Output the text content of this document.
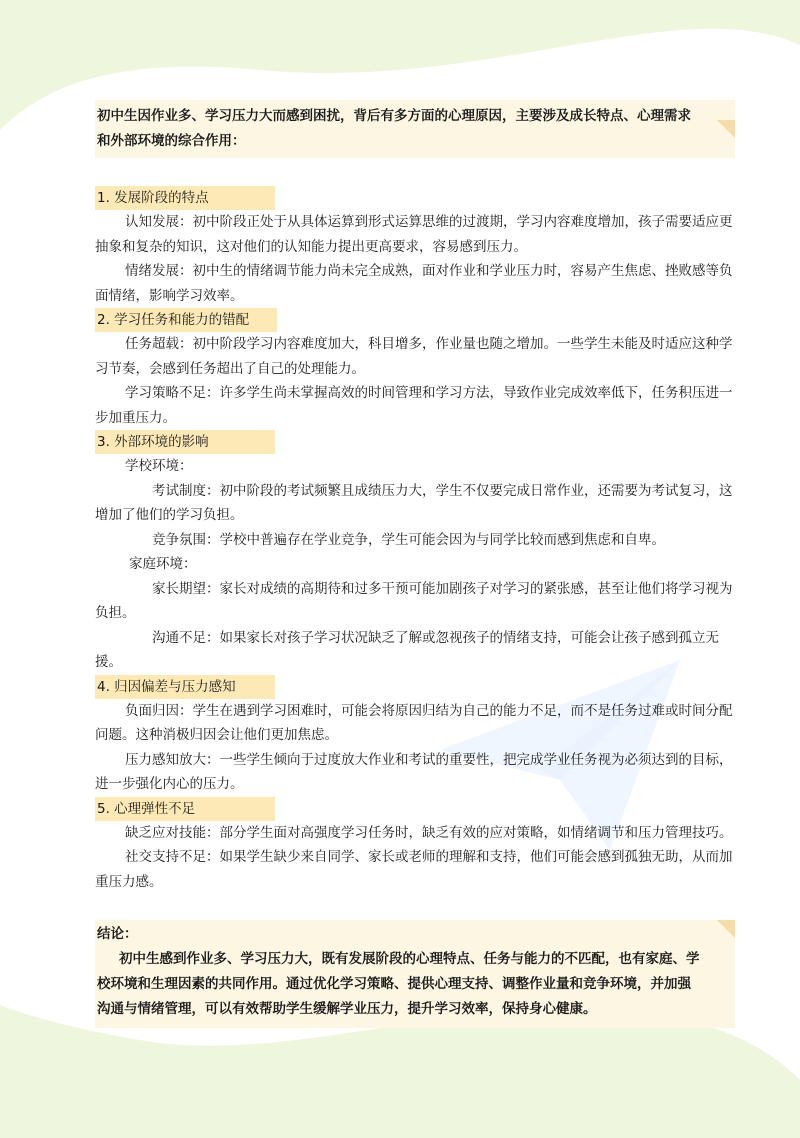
初中生因作业多、学习压力大而感到困扰，背后有多方面的心理原因，主要涉及成长特点、心理需求和外部环境的综合作用：
1. 发展阶段的特点

认知发展：初中阶段正处于从具体运算到形式运算思维的过渡期，学习内容难度增加，孩子需要适应更抽象和复杂的知识，这对他们的认知能力提出更高要求，容易感到压力。

情绪发展：初中生的情绪调节能力尚未完全成熟，面对作业和学业压力时，容易产生焦虑、挫败感等负面情绪，影响学习效率。

2. 学习任务和能力的错配

任务超载：初中阶段学习内容难度加大，科目增多，作业量也随之增加。一些学生未能及时适应这种学习节奏，会感到任务超出了自己的处理能力。

学习策略不足：许多学生尚未掌握高效的时间管理和学习方法，导致作业完成效率低下，任务积压进一步加重压力。

3. 外部环境的影响

学校环境：

考试制度：初中阶段的考试频繁且成绩压力大，学生不仅要完成日常作业，还需要为考试复习，这增加了他们的学习负担。

竞争氛围：学校中普遍存在学业竞争，学生可能会因为与同学比较而感到焦虑和自卑。

家庭环境：

家长期望：家长对成绩的高期待和过多干预可能加剧孩子对学习的紧张感，甚至让他们将学习视为负担。

沟通不足：如果家长对孩子学习状况缺乏了解或忽视孩子的情绪支持，可能会让孩子感到孤立无援。

4. 归因偏差与压力感知

负面归因：学生在遇到学习困难时，可能会将原因归结为自己的能力不足，而不是任务过难或时间分配问题。这种消极归因会让他们更加焦虑。

压力感知放大：一些学生倾向于过度放大作业和考试的重要性，把完成学业任务视为必须达到的目标，进一步强化内心的压力。

5. 心理弹性不足

缺乏应对技能：部分学生面对高强度学习任务时，缺乏有效的应对策略，如情绪调节和压力管理技巧。

社交支持不足：如果学生缺少来自同学、家长或老师的理解和支持，他们可能会感到孤独无助，从而加重压力感。

结论：
初中生感到作业多、学习压力大，既有发展阶段的心理特点、任务与能力的不匹配，也有家庭、学校环境和生理因素的共同作用。通过优化学习策略、提供心理支持、调整作业量和竞争环境，并加强沟通与情绪管理，可以有效帮助学生缓解学业压力，提升学习效率，保持身心健康。
